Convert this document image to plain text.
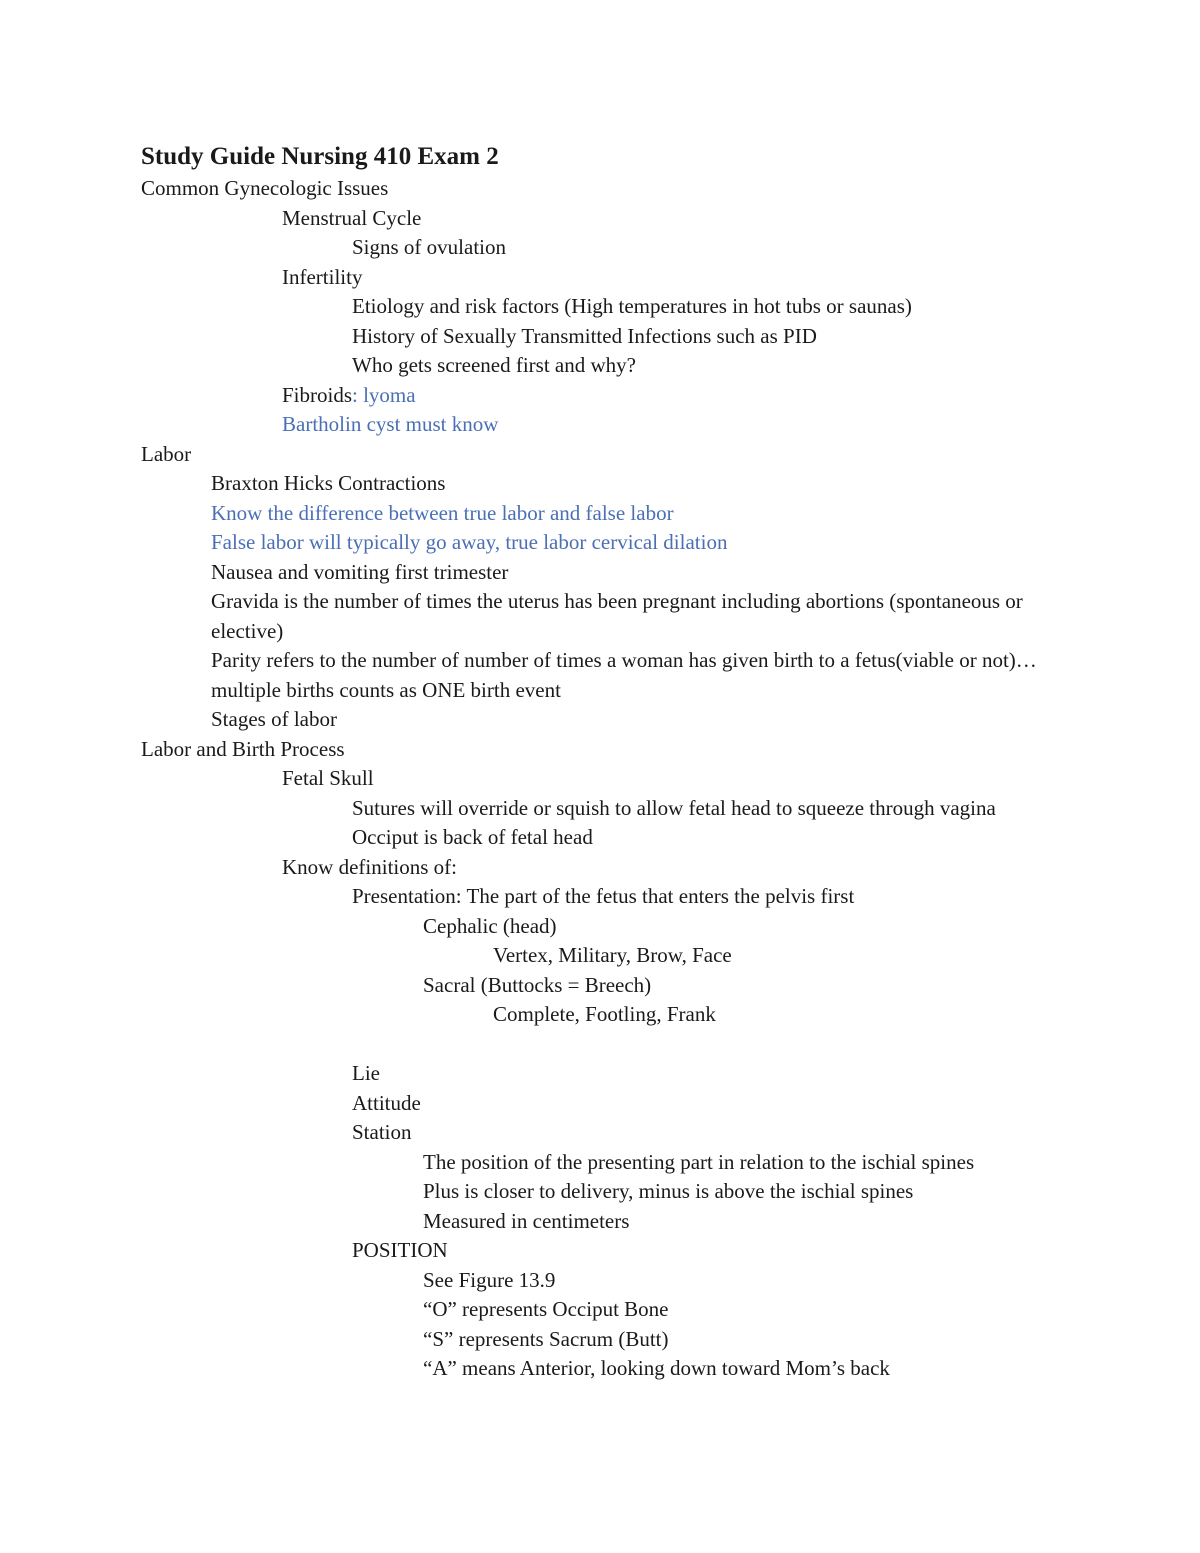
Study Guide Nursing 410 Exam 2
Common Gynecologic Issues
Menstrual Cycle
Signs of ovulation
Infertility
Etiology and risk factors (High temperatures in hot tubs or saunas)
History of Sexually Transmitted Infections such as PID
Who gets screened first and why?
Fibroids: lyoma
Bartholin cyst must know
Labor
Braxton Hicks Contractions
Know the difference between true labor and false labor
False labor will typically go away, true labor cervical dilation
Nausea and vomiting first trimester
Gravida is the number of times the uterus has been pregnant including abortions (spontaneous or elective)
Parity refers to the number of number of times a woman has given birth to a fetus(viable or not)… multiple births counts as ONE birth event
Stages of labor
Labor and Birth Process
Fetal Skull
Sutures will override or squish to allow fetal head to squeeze through vagina
Occiput is back of fetal head
Know definitions of:
Presentation: The part of the fetus that enters the pelvis first
Cephalic (head)
Vertex, Military, Brow, Face
Sacral (Buttocks = Breech)
Complete, Footling, Frank
Lie
Attitude
Station
The position of the presenting part in relation to the ischial spines
Plus is closer to delivery, minus is above the ischial spines
Measured in centimeters
POSITION
See Figure 13.9
“O” represents Occiput Bone
“S” represents Sacrum (Butt)
“A” means Anterior, looking down toward Mom’s back
